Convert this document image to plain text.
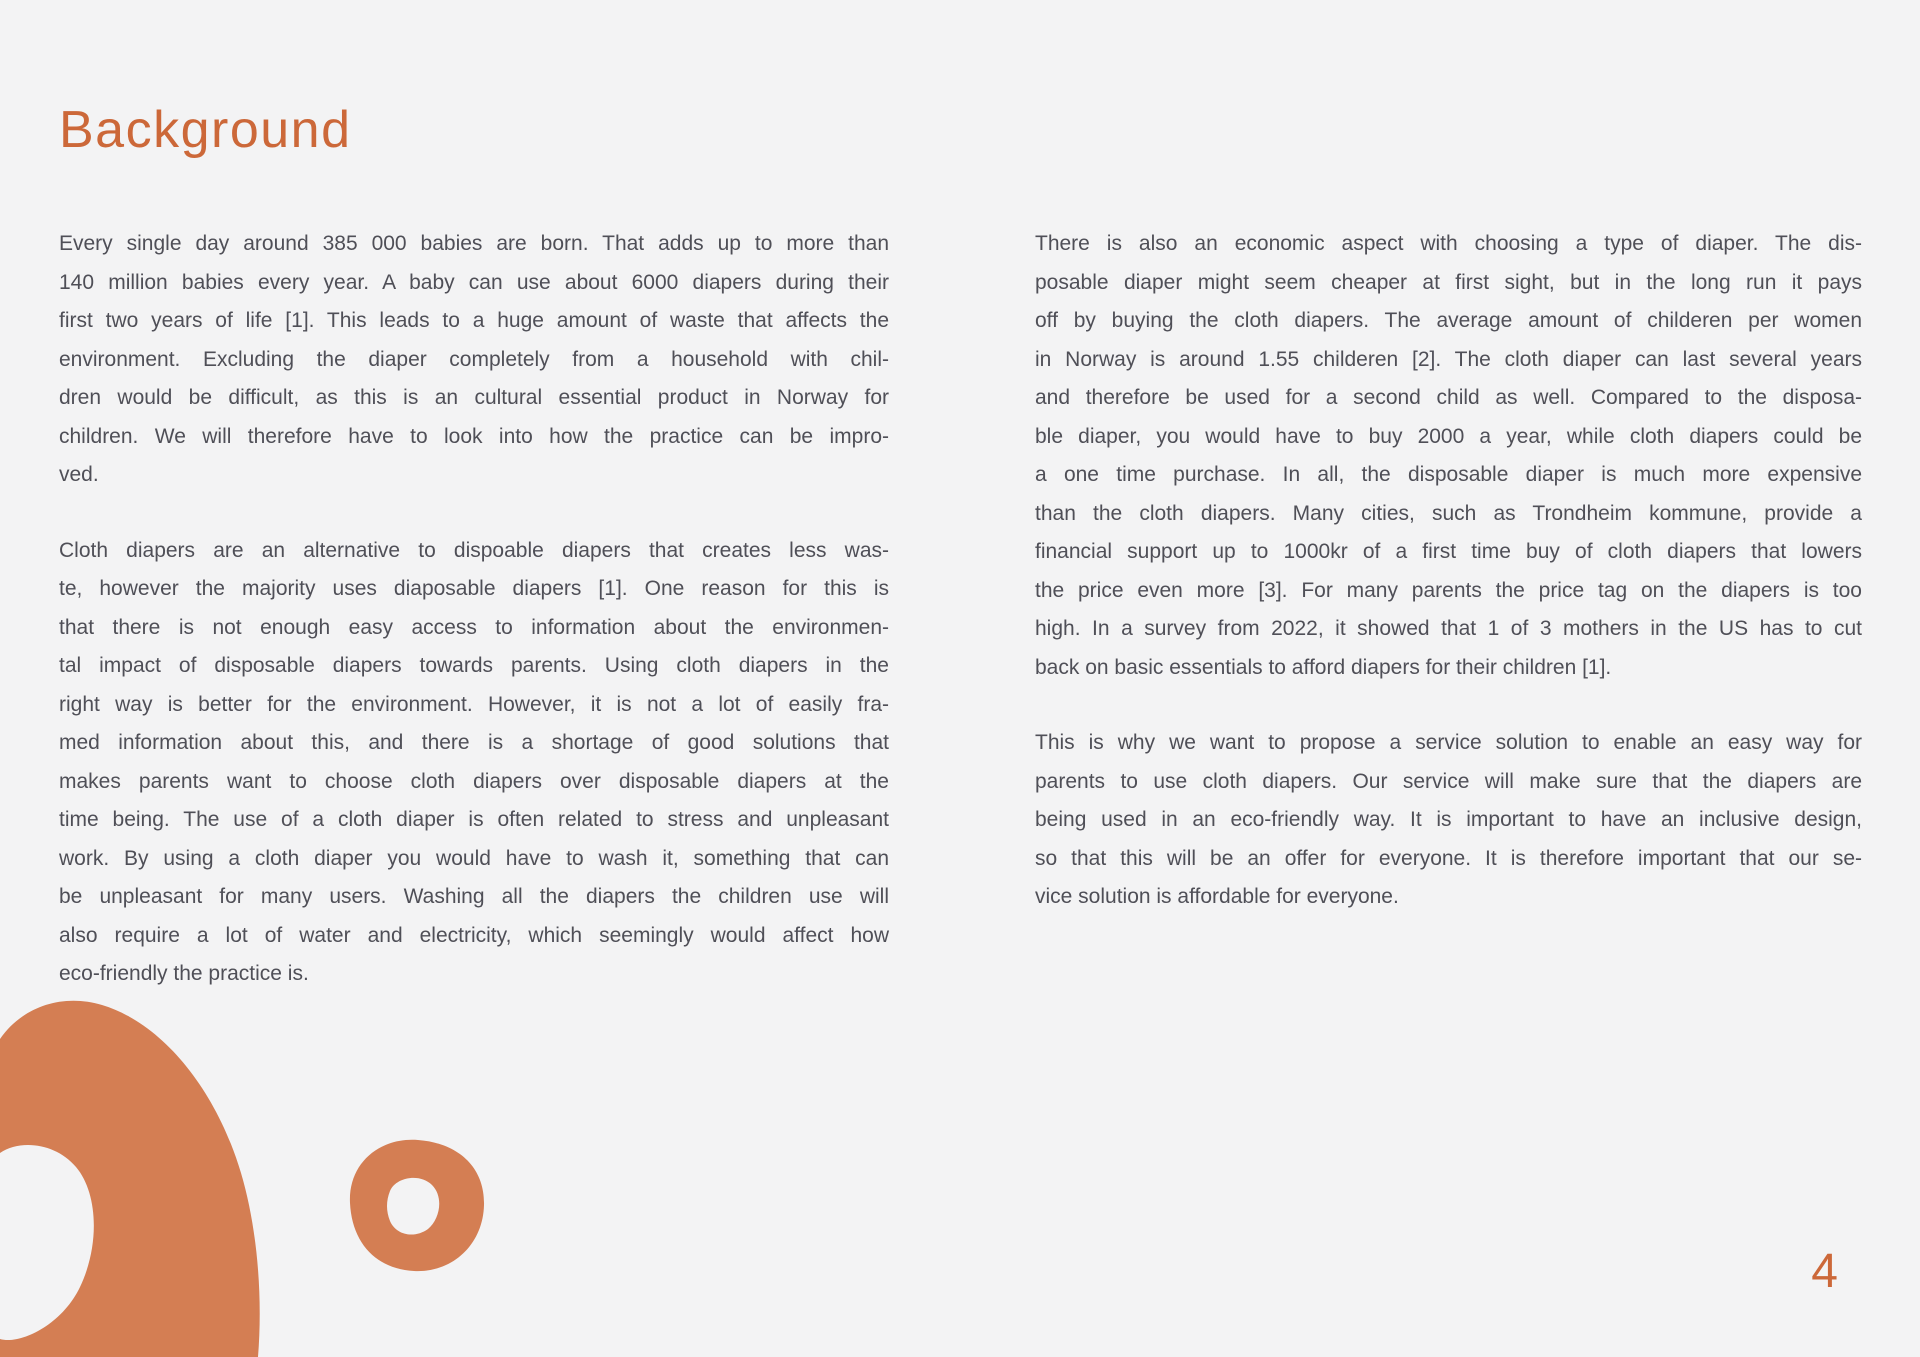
Background
Every single day around 385 000 babies are born. That adds up to more than
140 million babies every year. A baby can use about 6000 diapers during their
first two years of life [1]. This leads to a huge amount of waste that affects the
environment. Excluding the diaper completely from a household with chil-
dren would be difficult, as this is an cultural essential product in Norway for
children. We will therefore have to look into how the practice can be impro-
ved.
Cloth diapers are an alternative to dispoable diapers that creates less was-
te, however the majority uses diaposable diapers [1]. One reason for this is
that there is not enough easy access to information about the environmen-
tal impact of disposable diapers towards parents. Using cloth diapers in the
right way is better for the environment. However, it is not a lot of easily fra-
med information about this, and there is a shortage of good solutions that
makes parents want to choose cloth diapers over disposable diapers at the
time being. The use of a cloth diaper is often related to stress and unpleasant
work. By using a cloth diaper you would have to wash it, something that can
be unpleasant for many users. Washing all the diapers the children use will
also require a lot of water and electricity, which seemingly would affect how
eco-friendly the practice is.
There is also an economic aspect with choosing a type of diaper. The dis-
posable diaper might seem cheaper at first sight, but in the long run it pays
off by buying the cloth diapers. The average amount of childeren per women
in Norway is around 1.55 childeren [2]. The cloth diaper can last several years
and therefore be used for a second child as well. Compared to the disposa-
ble diaper, you would have to buy 2000 a year, while cloth diapers could be
a one time purchase. In all, the disposable diaper is much more expensive
than the cloth diapers. Many cities, such as Trondheim kommune, provide a
financial support up to 1000kr of a first time buy of cloth diapers that lowers
the price even more [3]. For many parents the price tag on the diapers is too
high. In a survey from 2022, it showed that 1 of 3 mothers in the US has to cut
back on basic essentials to afford diapers for their children [1].
This is why we want to propose a service solution to enable an easy way for
parents to use cloth diapers. Our service will make sure that the diapers are
being used in an eco-friendly way. It is important to have an inclusive design,
so that this will be an offer for everyone. It is therefore important that our se-
vice solution is affordable for everyone.
4
